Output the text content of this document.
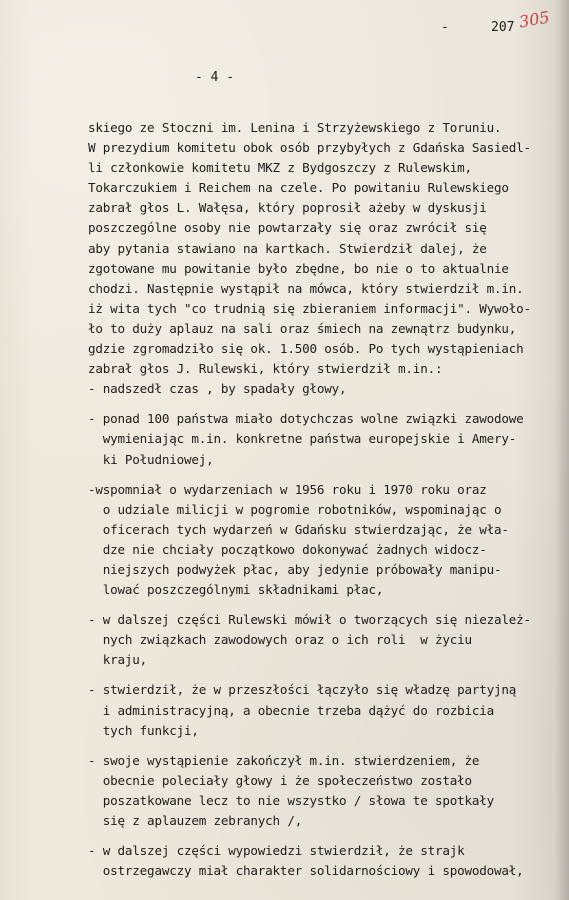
-	207 305
- 4 -
skiego ze Stoczni im. Lenina i Strzyżewskiego z Toruniu.
W prezydium komitetu obok osób przybyłych z Gdańska Sasiedl-
li członkowie komitetu MKZ z Bydgoszczy z Rulewskim,
Tokarczukiem i Reichem na czele. Po powitaniu Rulewskiego
zabrał głos L. Wałęsa, który poprosił ażeby w dyskusji
poszczególne osoby nie powtarzały się oraz zwrócił się
aby pytania stawiano na kartkach. Stwierdził dalej, że
zgotowane mu powitanie było zbędne, bo nie o to aktualnie
chodzi. Następnie wystąpił na mówca, który stwierdził m.in.
iż wita tych "co trudnią się zbieraniem informacji". Wywoło-
ło to duży aplauz na sali oraz śmiech na zewnątrz budynku,
gdzie zgromadziło się ok. 1.500 osób. Po tych wystąpieniach
zabrał głos J. Rulewski, który stwierdził m.in.:
- nadszedł czas , by spadały głowy,
- ponad 100 państwa miało dotychczas wolne związki zawodowe
wymieniając m.in. konkretne państwa europejskie i Amery-
ki Południowej,
-wspomniał o wydarzeniach w 1956 roku i 1970 roku oraz
o udziale milicji w pogromie robotników, wspominając o
oficerach tych wydarzeń w Gdańsku stwierdzając, że wła-
dze nie chciały początkowo dokonywać żadnych widocz-
niejszych podwyżek płac, aby jedynie próbowały manipu-
lować poszczególnymi składnikami płac,
- w dalszej części Rulewski mówił o tworzących się niezależ-
nych związkach zawodowych oraz o ich roli  w życiu
kraju,
- stwierdził, że w przeszłości łączyło się władzę partyjną
i administracyjną, a obecnie trzeba dążyć do rozbicia
tych funkcji,
- swoje wystąpienie zakończył m.in. stwierdzeniem, że
obecnie poleciały głowy i że społeczeństwo zostało
poszatkowane lecz to nie wszystko / słowa te spotkały
się z aplauzem zebranych /,
- w dalszej części wypowiedzi stwierdził, że strajk
ostrzegawczy miał charakter solidarnościowy i spowodował,
